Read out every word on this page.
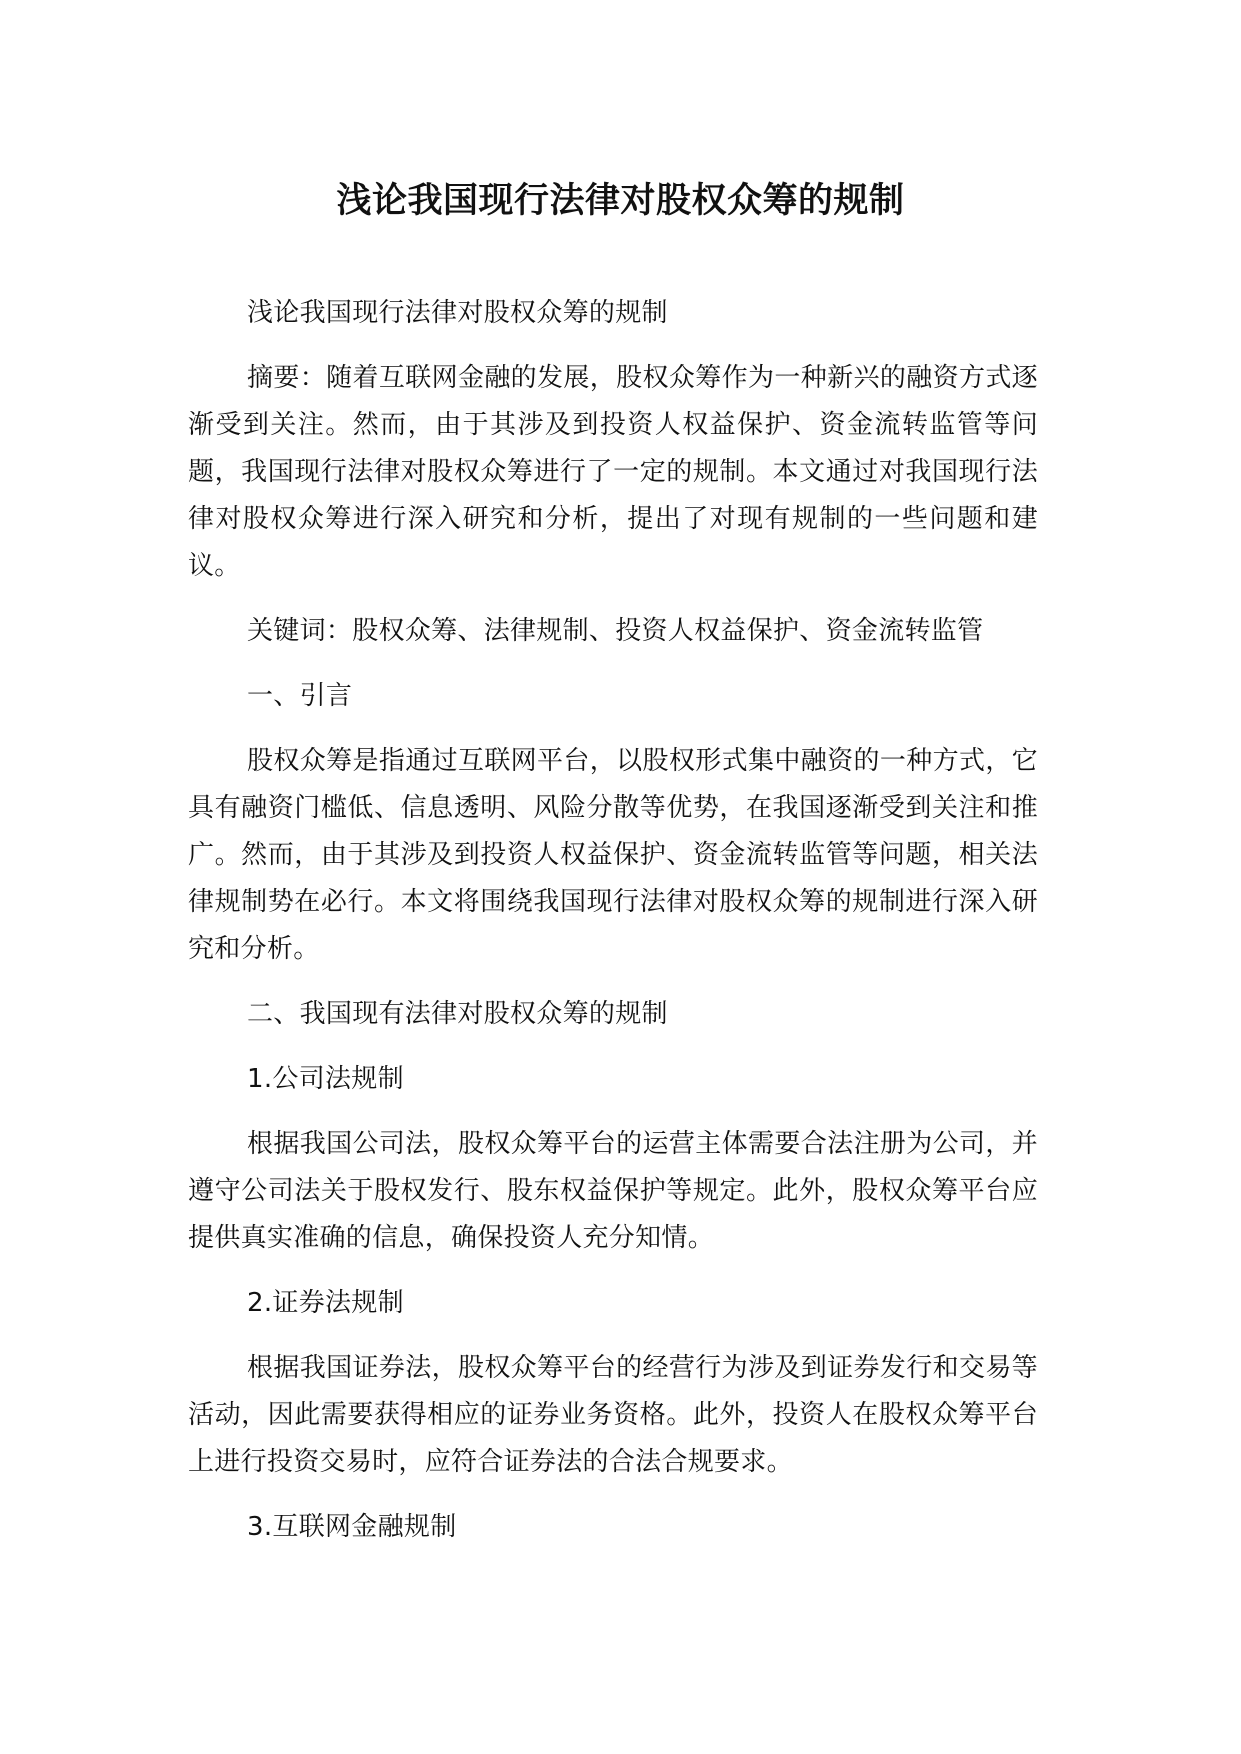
浅论我国现行法律对股权众筹的规制

浅论我国现行法律对股权众筹的规制

摘要：随着互联网金融的发展，股权众筹作为一种新兴的融资方式逐渐受到关注。然而，由于其涉及到投资人权益保护、资金流转监管等问题，我国现行法律对股权众筹进行了一定的规制。本文通过对我国现行法律对股权众筹进行深入研究和分析，提出了对现有规制的一些问题和建议。

关键词：股权众筹、法律规制、投资人权益保护、资金流转监管

一、引言

股权众筹是指通过互联网平台，以股权形式集中融资的一种方式，它具有融资门槛低、信息透明、风险分散等优势，在我国逐渐受到关注和推广。然而，由于其涉及到投资人权益保护、资金流转监管等问题，相关法律规制势在必行。本文将围绕我国现行法律对股权众筹的规制进行深入研究和分析。

二、我国现有法律对股权众筹的规制

1.公司法规制

根据我国公司法，股权众筹平台的运营主体需要合法注册为公司，并遵守公司法关于股权发行、股东权益保护等规定。此外，股权众筹平台应提供真实准确的信息，确保投资人充分知情。

2.证券法规制

根据我国证券法，股权众筹平台的经营行为涉及到证券发行和交易等活动，因此需要获得相应的证券业务资格。此外，投资人在股权众筹平台上进行投资交易时，应符合证券法的合法合规要求。

3.互联网金融规制
